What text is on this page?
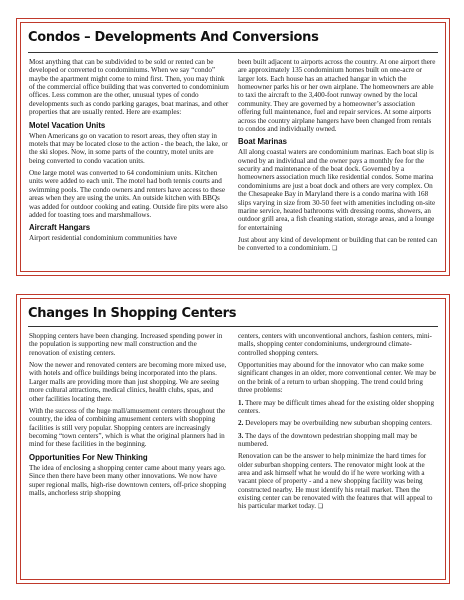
Condos – Developments And Conversions

Most anything that can be subdivided to be sold or rented can be developed or converted to condominiums. When we say “condo” maybe the apartment might come to mind first. Then, you may think of the commercial office building that was converted to condominium offices. Less common are the other, unusual types of condo developments such as condo parking garages, boat marinas, and other properties that are usually rented. Here are examples:

Motel Vacation Units

When Americans go on vacation to resort areas, they often stay in motels that may be located close to the action - the beach, the lake, or the ski slopes. Now, in some parts of the country, motel units are being converted to condo vacation units.

One large motel was converted to 64 condominium units. Kitchen units were added to each unit. The motel had both tennis courts and swimming pools. The condo owners and renters have access to these areas when they are using the units. An outside kitchen with BBQs was added for outdoor cooking and eating. Outside fire pits were also added for toasting toes and marshmallows.

Aircraft Hangars

Airport residential condominium communities have

been built adjacent to airports across the country. At one airport there are approximately 135 condominium homes built on one-acre or larger lots. Each house has an attached hangar in which the homeowner parks his or her own airplane. The homeowners are able to taxi the aircraft to the 3,400-foot runway owned by the local community. They are governed by a homeowner’s association offering full maintenance, fuel and repair services. At some airports across the country airplane hangers have been changed from rentals to condos and individually owned.

Boat Marinas

All along coastal waters are condominium marinas. Each boat slip is owned by an individual and the owner pays a monthly fee for the security and maintenance of the boat dock. Governed by a homeowners association much like residential condos. Some marina condominiums are just a boat dock and others are very complex. On the Chesapeake Bay in Maryland there is a condo marina with 168 slips varying in size from 30-50 feet with amenities including on-site marine service, heated bathrooms with dressing rooms, showers, an outdoor grill area, a fish cleaning station, storage areas, and a lounge for entertaining

Just about any kind of development or building that can be rented can be converted to a condominium. ❏

Changes In Shopping Centers

Shopping centers have been changing. Increased spending power in the population is supporting new mall construction and the renovation of existing centers.

Now the newer and renovated centers are becoming more mixed use, with hotels and office buildings being incorporated into the plans. Larger malls are providing more than just shopping. We are seeing more cultural attractions, medical clinics, health clubs, spas, and other facilities locating there.

With the success of the huge mall/amusement centers throughout the country, the idea of combining amusement centers with shopping facilities is still very popular. Shopping centers are increasingly becoming “town centers”, which is what the original planners had in mind for these facilities in the beginning.

Opportunities For New Thinking

The idea of enclosing a shopping center came about many years ago. Since then there have been many other innovations. We now have super regional malls, high-rise downtown centers, off-price shopping malls, anchorless strip shopping

centers, centers with unconventional anchors, fashion centers, mini-malls, shopping center condominiums, underground climate-controlled shopping centers.

Opportunities may abound for the innovator who can make some significant changes in an older, more conventional center. We may be on the brink of a return to urban shopping. The trend could bring three problems:

1. There may be difficult times ahead for the existing older shopping centers.

2. Developers may be overbuilding new suburban shopping centers.

3. The days of the downtown pedestrian shopping mall may be numbered.

Renovation can be the answer to help minimize the hard times for older suburban shopping centers. The renovator might look at the area and ask himself what he would do if he were working with a vacant piece of property - and a new shopping facility was being constructed nearby. He must identify his retail market. Then the existing center can be renovated with the features that will appeal to his particular market today. ❏
